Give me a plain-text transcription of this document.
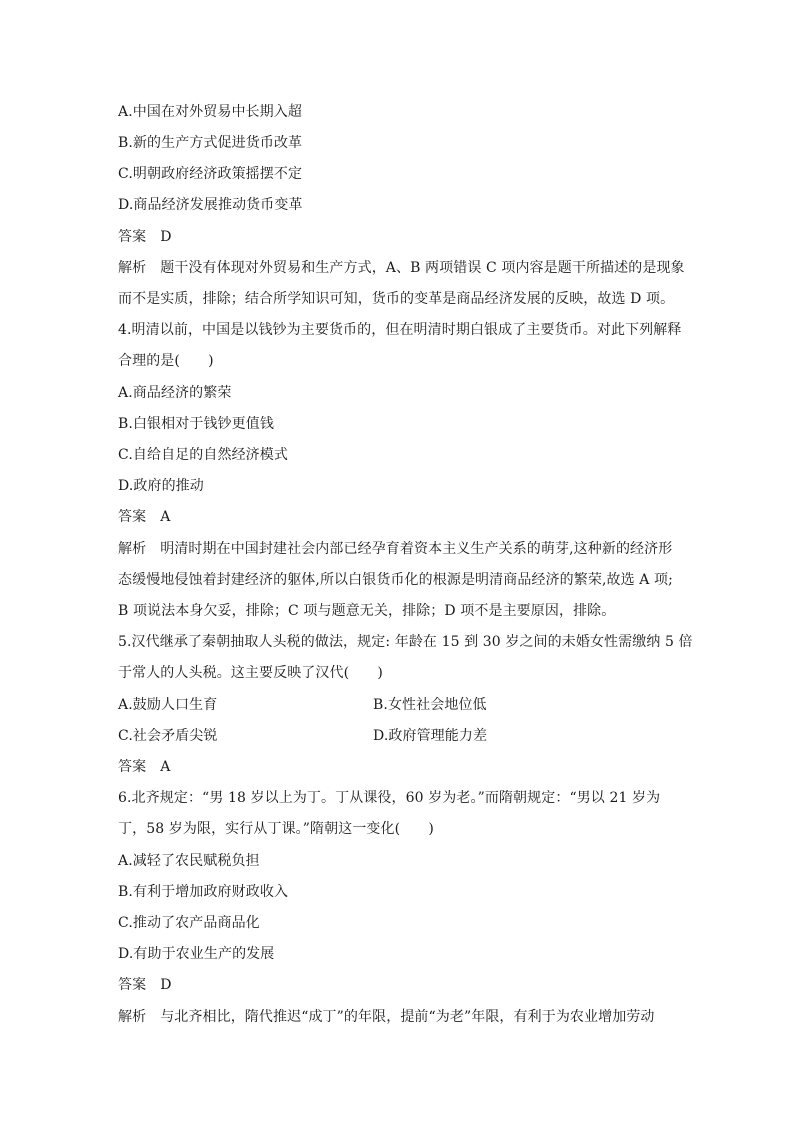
A.中国在对外贸易中长期入超
B.新的生产方式促进货币改革
C.明朝政府经济政策摇摆不定
D.商品经济发展推动货币变革
答案 D
解析 题干没有体现对外贸易和生产方式，A、B 两项错误 C 项内容是题干所描述的是现象
而不是实质，排除；结合所学知识可知，货币的变革是商品经济发展的反映，故选 D 项。
4.明清以前，中国是以钱钞为主要货币的，但在明清时期白银成了主要货币。对此下列解释
合理的是(　　)
A.商品经济的繁荣
B.白银相对于钱钞更值钱
C.自给自足的自然经济模式
D.政府的推动
答案 A
解析 明清时期在中国封建社会内部已经孕育着资本主义生产关系的萌芽,这种新的经济形
态缓慢地侵蚀着封建经济的躯体,所以白银货币化的根源是明清商品经济的繁荣,故选 A 项;
B 项说法本身欠妥，排除；C 项与题意无关，排除；D 项不是主要原因，排除。
5.汉代继承了秦朝抽取人头税的做法，规定: 年龄在 15 到 30 岁之间的未婚女性需缴纳 5 倍
于常人的人头税。这主要反映了汉代(　　)
A.鼓励人口生育	B.女性社会地位低
C.社会矛盾尖锐	D.政府管理能力差
答案 A
6.北齐规定：“男 18 岁以上为丁。丁从课役，60 岁为老。”而隋朝规定：“男以 21 岁为
丁，58 岁为限，实行从丁课。”隋朝这一变化(　　)
A.减轻了农民赋税负担
B.有利于增加政府财政收入
C.推动了农产品商品化
D.有助于农业生产的发展
答案 D
解析 与北齐相比，隋代推迟“成丁”的年限，提前“为老”年限，有利于为农业增加劳动
